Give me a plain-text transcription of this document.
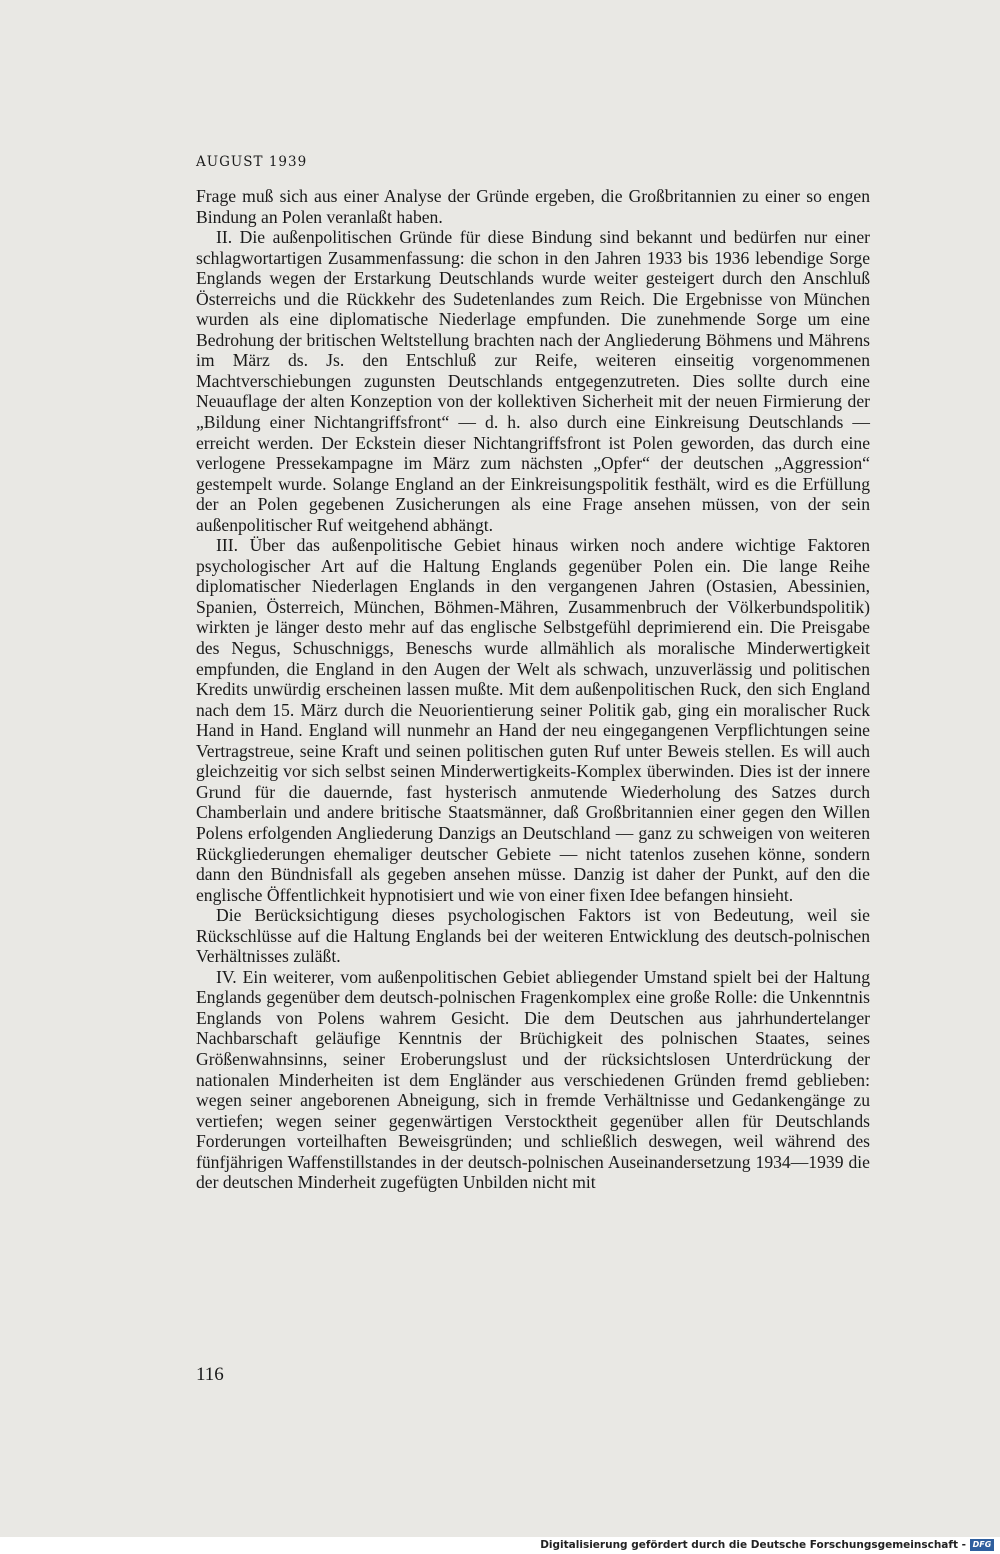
AUGUST 1939

Frage muß sich aus einer Analyse der Gründe ergeben, die Großbritannien zu einer so engen Bindung an Polen veranlaßt haben.

II. Die außenpolitischen Gründe für diese Bindung sind bekannt und bedürfen nur einer schlagwortartigen Zusammenfassung: die schon in den Jahren 1933 bis 1936 lebendige Sorge Englands wegen der Erstarkung Deutschlands wurde weiter gesteigert durch den Anschluß Österreichs und die Rückkehr des Sudetenlandes zum Reich. Die Ergebnisse von München wurden als eine diplomatische Niederlage empfunden. Die zunehmende Sorge um eine Bedrohung der britischen Weltstellung brachten nach der Angliederung Böhmens und Mährens im März ds. Js. den Entschluß zur Reife, weiteren einseitig vorgenommenen Machtverschiebungen zugunsten Deutschlands entgegenzutreten. Dies sollte durch eine Neuauflage der alten Konzeption von der kollektiven Sicherheit mit der neuen Firmierung der „Bildung einer Nichtangriffsfront“ — d. h. also durch eine Einkreisung Deutschlands — erreicht werden. Der Eckstein dieser Nichtangriffsfront ist Polen geworden, das durch eine verlogene Pressekampagne im März zum nächsten „Opfer“ der deutschen „Aggression“ gestempelt wurde. Solange England an der Einkreisungspolitik festhält, wird es die Erfüllung der an Polen gegebenen Zusicherungen als eine Frage ansehen müssen, von der sein außenpolitischer Ruf weitgehend abhängt.

III. Über das außenpolitische Gebiet hinaus wirken noch andere wichtige Faktoren psychologischer Art auf die Haltung Englands gegenüber Polen ein. Die lange Reihe diplomatischer Niederlagen Englands in den vergangenen Jahren (Ostasien, Abessinien, Spanien, Österreich, München, Böhmen-Mähren, Zusammenbruch der Völkerbundspolitik) wirkten je länger desto mehr auf das englische Selbstgefühl deprimierend ein. Die Preisgabe des Negus, Schuschniggs, Beneschs wurde allmählich als moralische Minderwertigkeit empfunden, die England in den Augen der Welt als schwach, unzuverlässig und politischen Kredits unwürdig erscheinen lassen mußte. Mit dem außenpolitischen Ruck, den sich England nach dem 15. März durch die Neuorientierung seiner Politik gab, ging ein moralischer Ruck Hand in Hand. England will nunmehr an Hand der neu eingegangenen Verpflichtungen seine Vertragstreue, seine Kraft und seinen politischen guten Ruf unter Beweis stellen. Es will auch gleichzeitig vor sich selbst seinen Minderwertigkeits-Komplex überwinden. Dies ist der innere Grund für die dauernde, fast hysterisch anmutende Wiederholung des Satzes durch Chamberlain und andere britische Staatsmänner, daß Großbritannien einer gegen den Willen Polens erfolgenden Angliederung Danzigs an Deutschland — ganz zu schweigen von weiteren Rückgliederungen ehemaliger deutscher Gebiete — nicht tatenlos zusehen könne, sondern dann den Bündnisfall als gegeben ansehen müsse. Danzig ist daher der Punkt, auf den die englische Öffentlichkeit hypnotisiert und wie von einer fixen Idee befangen hinsieht.

Die Berücksichtigung dieses psychologischen Faktors ist von Bedeutung, weil sie Rückschlüsse auf die Haltung Englands bei der weiteren Entwicklung des deutsch-polnischen Verhältnisses zuläßt.

IV. Ein weiterer, vom außenpolitischen Gebiet abliegender Umstand spielt bei der Haltung Englands gegenüber dem deutsch-polnischen Fragenkomplex eine große Rolle: die Unkenntnis Englands von Polens wahrem Gesicht. Die dem Deutschen aus jahrhundertelanger Nachbarschaft geläufige Kenntnis der Brüchigkeit des polnischen Staates, seines Größenwahnsinns, seiner Eroberungslust und der rücksichtslosen Unterdrückung der nationalen Minderheiten ist dem Engländer aus verschiedenen Gründen fremd geblieben: wegen seiner angeborenen Abneigung, sich in fremde Verhältnisse und Gedankengänge zu vertiefen; wegen seiner gegenwärtigen Verstocktheit gegenüber allen für Deutschlands Forderungen vorteilhaften Beweisgründen; und schließlich deswegen, weil während des fünfjährigen Waffenstillstandes in der deutsch-polnischen Auseinandersetzung 1934—1939 die der deutschen Minderheit zugefügten Unbilden nicht mit

116
Digitalisierung gefördert durch die Deutsche Forschungsgemeinschaft - DFG
